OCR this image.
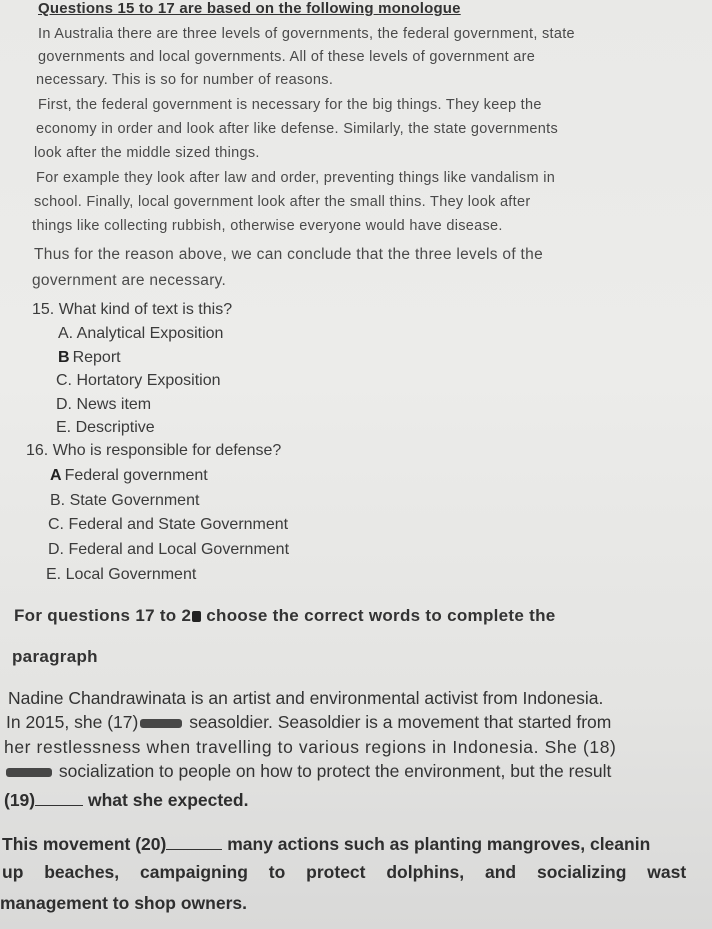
Questions 15 to 17 are based on the following monologue
In Australia there are three levels of governments, the federal government, state
governments and local governments. All of these levels of government are
necessary. This is so for number of reasons.
First, the federal government is necessary for the big things. They keep the
economy in order and look after like defense. Similarly, the state governments
look after the middle sized things.
For example they look after law and order, preventing things like vandalism in
school. Finally, local government look after the small thins. They look after
things like collecting rubbish, otherwise everyone would have disease.
Thus for the reason above, we can conclude that the three levels of the
government are necessary.
15. What kind of text is this?
A. Analytical Exposition
B Report
C. Hortatory Exposition
D. News item
E. Descriptive
16. Who is responsible for defense?
A Federal government
B. State Government
C. Federal and State Government
D. Federal and Local Government
E. Local Government
For questions 17 to 2 choose the correct words to complete the
paragraph
Nadine Chandrawinata is an artist and environmental activist from Indonesia.
In 2015, she (17)	seasoldier. Seasoldier is a movement that started from
her restlessness when travelling to various regions in Indonesia. She (18)
socialization to people on how to protect the environment, but the result
(19)	what she expected.
This movement (20)	many actions such as planting mangroves, cleanin
up beaches, campaigning to protect dolphins, and socializing wast
management to shop owners.
